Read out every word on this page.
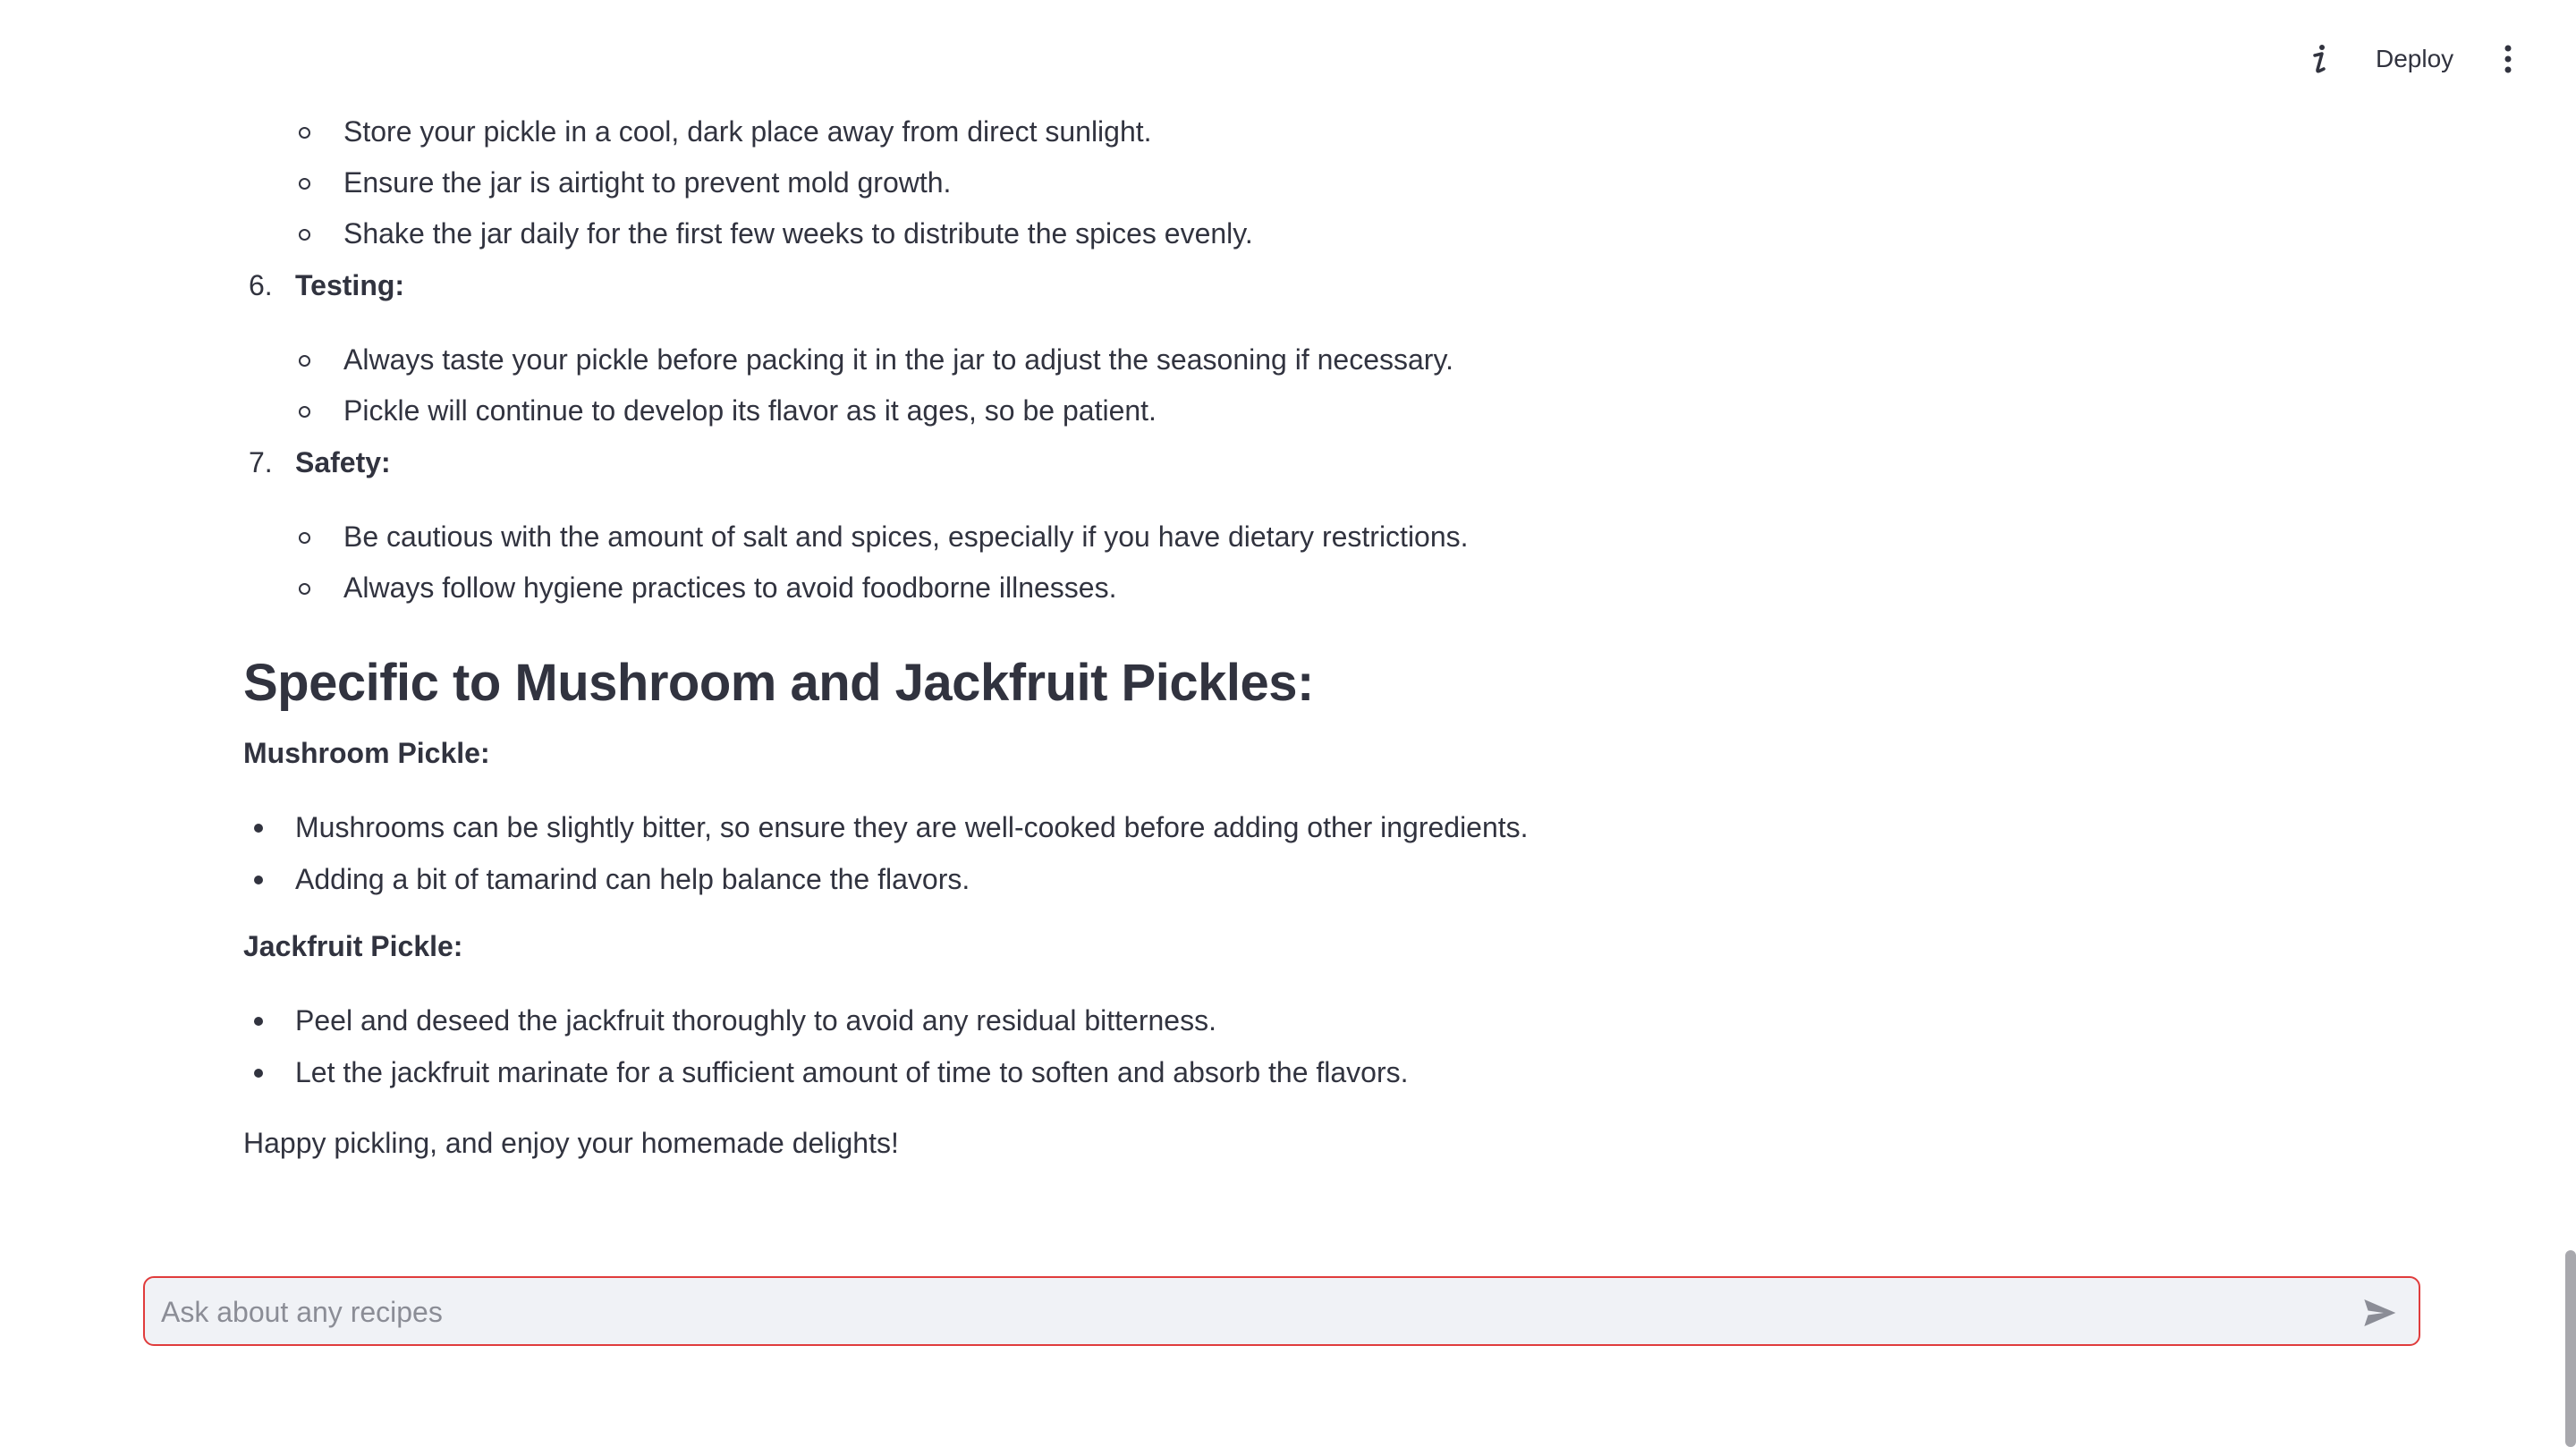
Deploy
Store your pickle in a cool, dark place away from direct sunlight.
Ensure the jar is airtight to prevent mold growth.
Shake the jar daily for the first few weeks to distribute the spices evenly.
6. Testing:
Always taste your pickle before packing it in the jar to adjust the seasoning if necessary.
Pickle will continue to develop its flavor as it ages, so be patient.
7. Safety:
Be cautious with the amount of salt and spices, especially if you have dietary restrictions.
Always follow hygiene practices to avoid foodborne illnesses.
Specific to Mushroom and Jackfruit Pickles:

Mushroom Pickle:

Mushrooms can be slightly bitter, so ensure they are well-cooked before adding other ingredients.
Adding a bit of tamarind can help balance the flavors.

Jackfruit Pickle:

Peel and deseed the jackfruit thoroughly to avoid any residual bitterness.
Let the jackfruit marinate for a sufficient amount of time to soften and absorb the flavors.

Happy pickling, and enjoy your homemade delights!

Ask about any recipes
